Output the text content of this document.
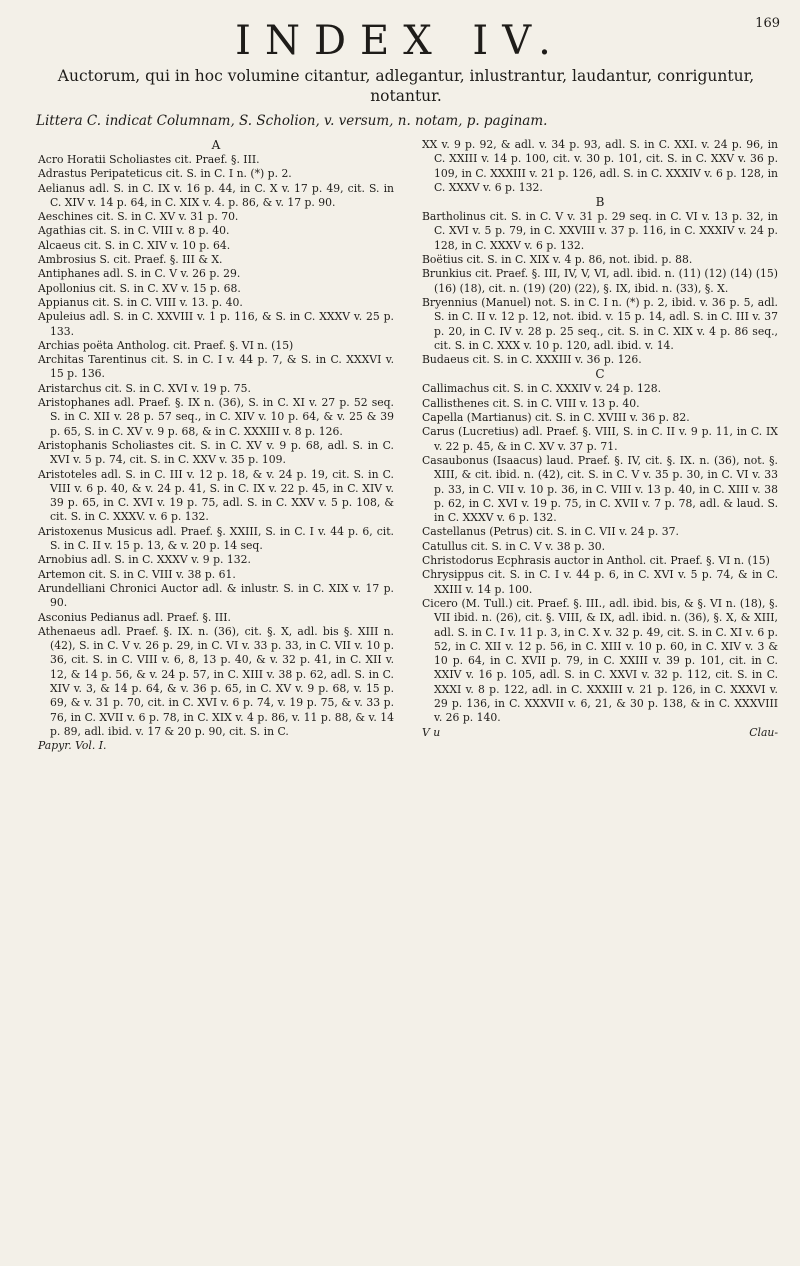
169
INDEX IV.
Auctorum, qui in hoc volumine citantur, adlegantur, inlustrantur, laudantur, conriguntur, notantur.
Littera C. indicat Columnam, S. Scholion, v. versum, n. notam, p. paginam.
A

Acro Horatii Scholiastes cit. Praef. §. III.

Adrastus Peripateticus cit. S. in C. I n. (*) p. 2.

Aelianus adl. S. in C. IX v. 16 p. 44, in C. X v. 17 p. 49, cit. S. in C. XIV v. 14 p. 64, in C. XIX v. 4. p. 86, & v. 17 p. 90.

Aeschines cit. S. in C. XV v. 31 p. 70.

Agathias cit. S. in C. VIII v. 8 p. 40.

Alcaeus cit. S. in C. XIV v. 10 p. 64.

Ambrosius S. cit. Praef. §. III & X.

Antiphanes adl. S. in C. V v. 26 p. 29.

Apollonius cit. S. in C. XV v. 15 p. 68.

Appianus cit. S. in C. VIII v. 13. p. 40.

Apuleius adl. S. in C. XXVIII v. 1 p. 116, & S. in C. XXXV v. 25 p. 133.

Archias poëta Antholog. cit. Praef. §. VI n. (15)

Architas Tarentinus cit. S. in C. I v. 44 p. 7, & S. in C. XXXVI v. 15 p. 136.

Aristarchus cit. S. in C. XVI v. 19 p. 75.

Aristophanes adl. Praef. §. IX n. (36), S. in C. XI v. 27 p. 52 seq. S. in C. XII v. 28 p. 57 seq., in C. XIV v. 10 p. 64, & v. 25 & 39 p. 65, S. in C. XV v. 9 p. 68, & in C. XXXIII v. 8 p. 126.

Aristophanis Scholiastes cit. S. in C. XV v. 9 p. 68, adl. S. in C. XVI v. 5 p. 74, cit. S. in C. XXV v. 35 p. 109.

Aristoteles adl. S. in C. III v. 12 p. 18, & v. 24 p. 19, cit. S. in C. VIII v. 6 p. 40, & v. 24 p. 41, S. in C. IX v. 22 p. 45, in C. XIV v. 39 p. 65, in C. XVI v. 19 p. 75, adl. S. in C. XXV v. 5 p. 108, & cit. S. in C. XXXV. v. 6 p. 132.

Aristoxenus Musicus adl. Praef. §. XXIII, S. in C. I v. 44 p. 6, cit. S. in C. II v. 15 p. 13, & v. 20 p. 14 seq.

Arnobius adl. S. in C. XXXV v. 9 p. 132.

Artemon cit. S. in C. VIII v. 38 p. 61.

Arundelliani Chronici Auctor adl. & inlustr. S. in C. XIX v. 17 p. 90.

Asconius Pedianus adl. Praef. §. III.

Athenaeus adl. Praef. §. IX. n. (36), cit. §. X, adl. bis §. XIII n. (42), S. in C. V v. 26 p. 29, in C. VI v. 33 p. 33, in C. VII v. 10 p. 36, cit. S. in C. VIII v. 6, 8, 13 p. 40, & v. 32 p. 41, in C. XII v. 12, & 14 p. 56, & v. 24 p. 57, in C. XIII v. 38 p. 62, adl. S. in C. XIV v. 3, & 14 p. 64, & v. 36 p. 65, in C. XV v. 9 p. 68, v. 15 p. 69, & v. 31 p. 70, cit. in C. XVI v. 6 p. 74, v. 19 p. 75, & v. 33 p. 76, in C. XVII v. 6 p. 78, in C. XIX v. 4 p. 86, v. 11 p. 88, & v. 14 p. 89, adl. ibid. v. 17 & 20 p. 90, cit. S. in C.

Papyr. Vol. I.

XX v. 9 p. 92, & adl. v. 34 p. 93, adl. S. in C. XXI. v. 24 p. 96, in C. XXIII v. 14 p. 100, cit. v. 30 p. 101, cit. S. in C. XXV v. 36 p. 109, in C. XXXIII v. 21 p. 126, adl. S. in C. XXXIV v. 6 p. 128, in C. XXXV v. 6 p. 132.

B

Bartholinus cit. S. in C. V v. 31 p. 29 seq. in C. VI v. 13 p. 32, in C. XVI v. 5 p. 79, in C. XXVIII v. 37 p. 116, in C. XXXIV v. 24 p. 128, in C. XXXV v. 6 p. 132.

Boëtius cit. S. in C. XIX v. 4 p. 86, not. ibid. p. 88.

Brunkius cit. Praef. §. III, IV, V, VI, adl. ibid. n. (11) (12) (14) (15) (16) (18), cit. n. (19) (20) (22), §. IX, ibid. n. (33), §. X.

Bryennius (Manuel) not. S. in C. I n. (*) p. 2, ibid. v. 36 p. 5, adl. S. in C. II v. 12 p. 12, not. ibid. v. 15 p. 14, adl. S. in C. III v. 37 p. 20, in C. IV v. 28 p. 25 seq., cit. S. in C. XIX v. 4 p. 86 seq., cit. S. in C. XXX v. 10 p. 120, adl. ibid. v. 14.

Budaeus cit. S. in C. XXXIII v. 36 p. 126.

C

Callimachus cit. S. in C. XXXIV v. 24 p. 128.

Callisthenes cit. S. in C. VIII v. 13 p. 40.

Capella (Martianus) cit. S. in C. XVIII v. 36 p. 82.

Carus (Lucretius) adl. Praef. §. VIII, S. in C. II v. 9 p. 11, in C. IX v. 22 p. 45, & in C. XV v. 37 p. 71.

Casaubonus (Isaacus) laud. Praef. §. IV, cit. §. IX. n. (36), not. §. XIII, & cit. ibid. n. (42), cit. S. in C. V v. 35 p. 30, in C. VI v. 33 p. 33, in C. VII v. 10 p. 36, in C. VIII v. 13 p. 40, in C. XIII v. 38 p. 62, in C. XVI v. 19 p. 75, in C. XVII v. 7 p. 78, adl. & laud. S. in C. XXXV v. 6 p. 132.

Castellanus (Petrus) cit. S. in C. VII v. 24 p. 37.

Catullus cit. S. in C. V v. 38 p. 30.

Christodorus Ecphrasis auctor in Anthol. cit. Praef. §. VI n. (15)

Chrysippus cit. S. in C. I v. 44 p. 6, in C. XVI v. 5 p. 74, & in C. XXIII v. 14 p. 100.

Cicero (M. Tull.) cit. Praef. §. III., adl. ibid. bis, & §. VI n. (18), §. VII ibid. n. (26), cit. §. VIII, & IX, adl. ibid. n. (36), §. X, & XIII, adl. S. in C. I v. 11 p. 3, in C. X v. 32 p. 49, cit. S. in C. XI v. 6 p. 52, in C. XII v. 12 p. 56, in C. XIII v. 10 p. 60, in C. XIV v. 3 & 10 p. 64, in C. XVII p. 79, in C. XXIII v. 39 p. 101, cit. in C. XXIV v. 16 p. 105, adl. S. in C. XXVI v. 32 p. 112, cit. S. in C. XXXI v. 8 p. 122, adl. in C. XXXIII v. 21 p. 126, in C. XXXVI v. 29 p. 136, in C. XXXVII v. 6, 21, & 30 p. 138, & in C. XXXVIII v. 26 p. 140.

V u	Clau-
